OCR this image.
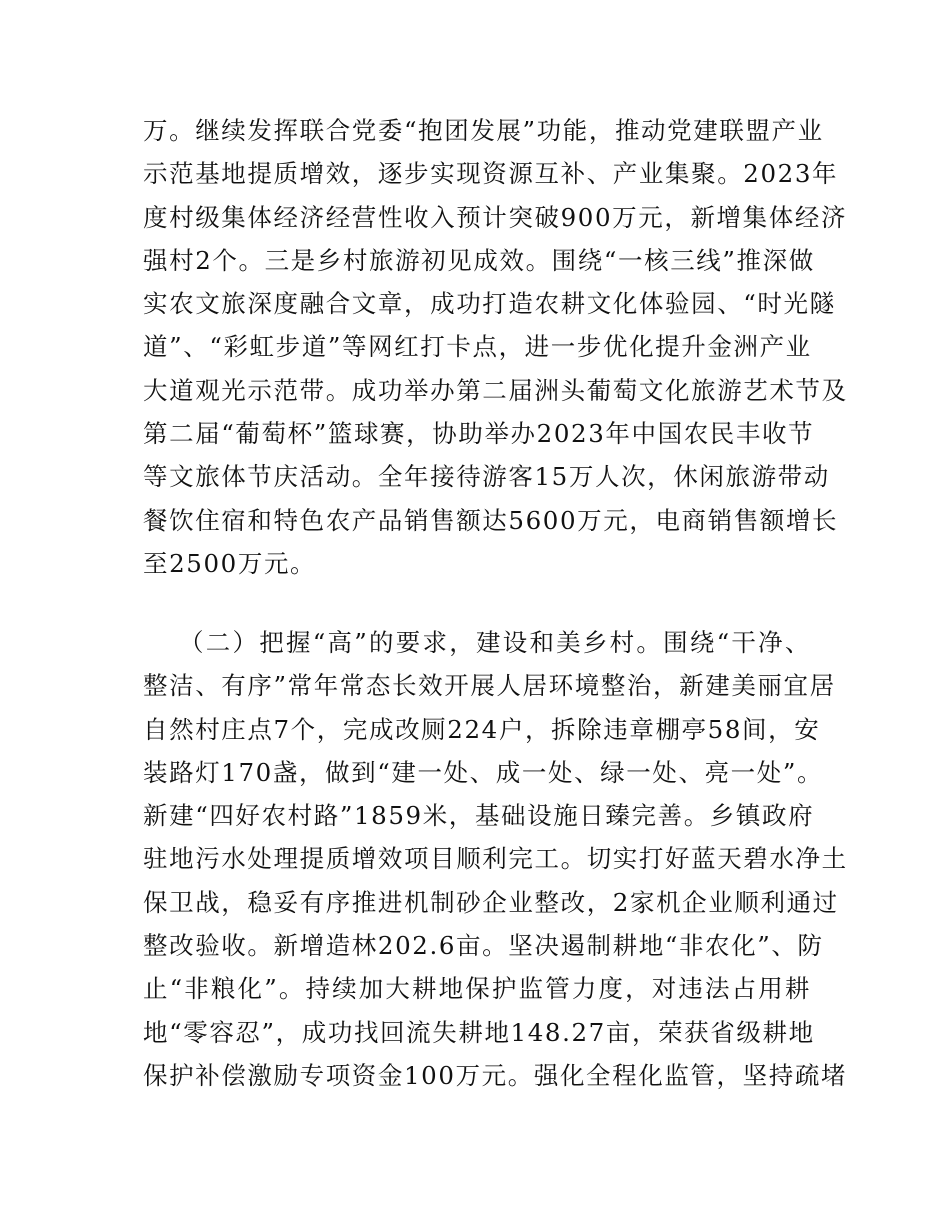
万。继续发挥联合党委“抱团发展”功能，推动党建联盟产业
示范基地提质增效，逐步实现资源互补、产业集聚。2023年
度村级集体经济经营性收入预计突破900万元，新增集体经济
强村2个。三是乡村旅游初见成效。围绕“一核三线”推深做
实农文旅深度融合文章，成功打造农耕文化体验园、“时光隧
道”、“彩虹步道”等网红打卡点，进一步优化提升金洲产业
大道观光示范带。成功举办第二届洲头葡萄文化旅游艺术节及
第二届“葡萄杯”篮球赛，协助举办2023年中国农民丰收节
等文旅体节庆活动。全年接待游客15万人次，休闲旅游带动
餐饮住宿和特色农产品销售额达5600万元，电商销售额增长
至2500万元。
（二）把握“高”的要求，建设和美乡村。围绕“干净、
整洁、有序”常年常态长效开展人居环境整治，新建美丽宜居
自然村庄点7个，完成改厕224户，拆除违章棚亭58间，安
装路灯170盏，做到“建一处、成一处、绿一处、亮一处”。
新建“四好农村路”1859米，基础设施日臻完善。乡镇政府
驻地污水处理提质增效项目顺利完工。切实打好蓝天碧水净土
保卫战，稳妥有序推进机制砂企业整改，2家机企业顺利通过
整改验收。新增造林202.6亩。坚决遏制耕地“非农化”、防
止“非粮化”。持续加大耕地保护监管力度，对违法占用耕
地“零容忍”，成功找回流失耕地148.27亩，荣获省级耕地
保护补偿激励专项资金100万元。强化全程化监管，坚持疏堵
